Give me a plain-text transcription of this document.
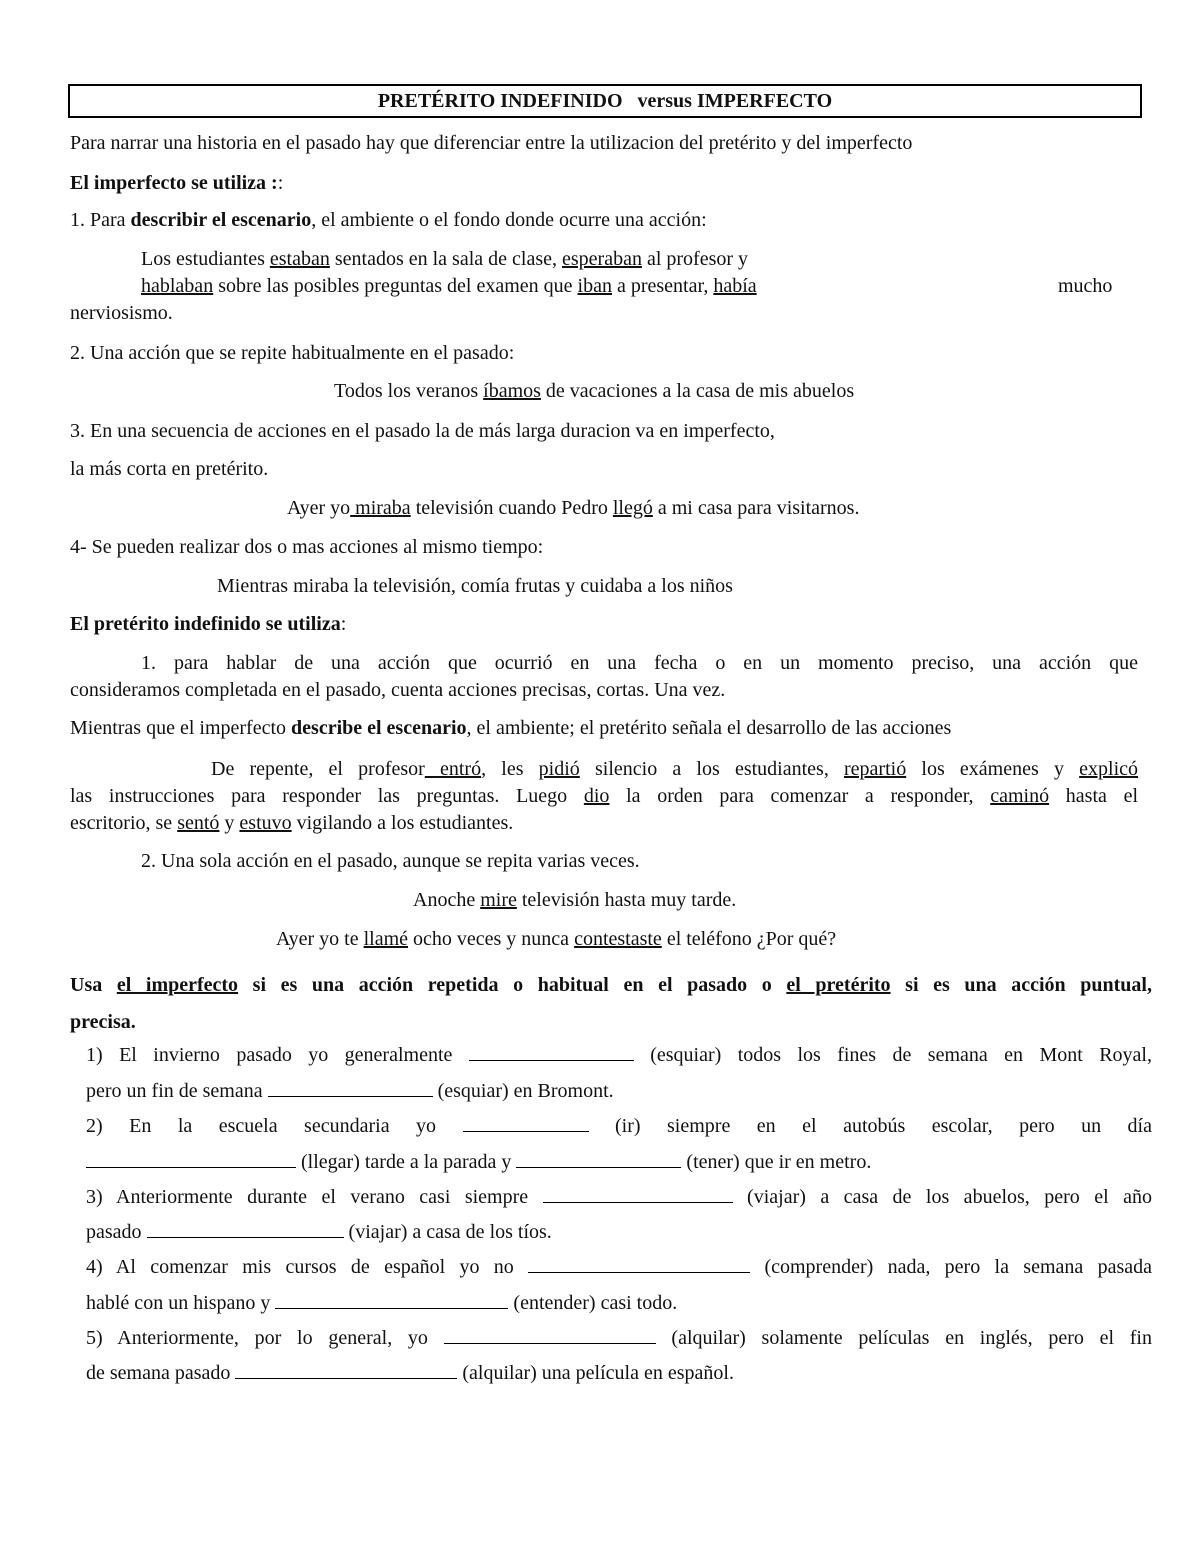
PRETÉRITO INDEFINIDO versus IMPERFECTO
Para narrar una historia en el pasado hay que diferenciar entre la utilizacion del pretérito y del imperfecto
El imperfecto se utiliza ::
1. Para describir el escenario, el ambiente o el fondo donde ocurre una acción:
Los estudiantes estaban sentados en la sala de clase, esperaban al profesor y
hablaban sobre las posibles preguntas del examen que iban a presentar, había	mucho
nerviosismo.
2. Una acción que se repite habitualmente en el pasado:
Todos los veranos íbamos de vacaciones a la casa de mis abuelos
3. En una secuencia de acciones en el pasado la de más larga duracion va en imperfecto,
la más corta en pretérito.
Ayer yo miraba televisión cuando Pedro llegó a mi casa para visitarnos.
4- Se pueden realizar dos o mas acciones al mismo tiempo:
Mientras miraba la televisión, comía frutas y cuidaba a los niños
El pretérito indefinido se utiliza:
1. para hablar de una acción que ocurrió en una fecha o en un momento preciso, una acción que
consideramos completada en el pasado, cuenta acciones precisas, cortas. Una vez.
Mientras que el imperfecto describe el escenario, el ambiente; el pretérito señala el desarrollo de las acciones
De repente, el profesor entró, les pidió silencio a los estudiantes, repartió los exámenes y explicó
las instrucciones para responder las preguntas. Luego dio la orden para comenzar a responder, caminó hasta el
escritorio, se sentó y estuvo vigilando a los estudiantes.
2. Una sola acción en el pasado, aunque se repita varias veces.
Anoche mire televisión hasta muy tarde.
Ayer yo te llamé ocho veces y nunca contestaste el teléfono ¿Por qué?
Usa el imperfecto si es una acción repetida o habitual en el pasado o el pretérito si es una acción puntual,
precisa.
1) El invierno pasado yo generalmente	(esquiar) todos los fines de semana en Mont Royal,
pero un fin de semana	(esquiar) en Bromont.
2) En la escuela secundaria yo	(ir) siempre en el autobús escolar, pero un día
(llegar) tarde a la parada y	(tener) que ir en metro.
3) Anteriormente durante el verano casi siempre	(viajar) a casa de los abuelos, pero el año
pasado	(viajar) a casa de los tíos.
4) Al comenzar mis cursos de español yo no	(comprender) nada, pero la semana pasada
hablé con un hispano y	(entender) casi todo.
5) Anteriormente, por lo general, yo	(alquilar) solamente películas en inglés, pero el fin
de semana pasado	(alquilar) una película en español.
